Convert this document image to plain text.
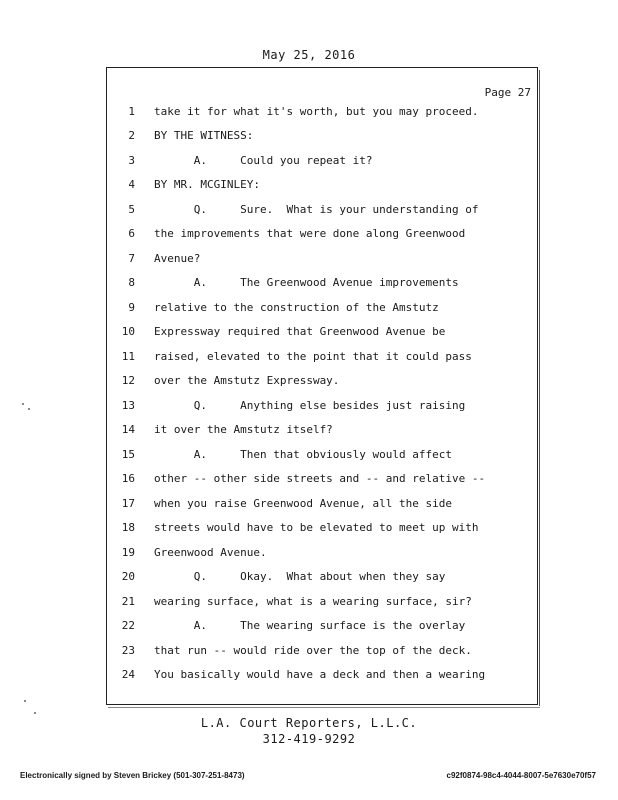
May 25, 2016
Page 27
1 take it for what it's worth, but you may proceed.
2 BY THE WITNESS:
3 A.     Could you repeat it?
4 BY MR. MCGINLEY:
5 Q.     Sure.  What is your understanding of
6 the improvements that were done along Greenwood
7 Avenue?
8 A.     The Greenwood Avenue improvements
9 relative to the construction of the Amstutz
10 Expressway required that Greenwood Avenue be
11 raised, elevated to the point that it could pass
12 over the Amstutz Expressway.
13 Q.     Anything else besides just raising
14 it over the Amstutz itself?
15 A.     Then that obviously would affect
16 other -- other side streets and -- and relative --
17 when you raise Greenwood Avenue, all the side
18 streets would have to be elevated to meet up with
19 Greenwood Avenue.
20 Q.     Okay.  What about when they say
21 wearing surface, what is a wearing surface, sir?
22 A.     The wearing surface is the overlay
23 that run -- would ride over the top of the deck.
24 You basically would have a deck and then a wearing
L.A. Court Reporters, L.L.C.
312-419-9292
Electronically signed by Steven Brickey (501-307-251-8473)	c92f0874-98c4-4044-8007-5e7630e70f57
